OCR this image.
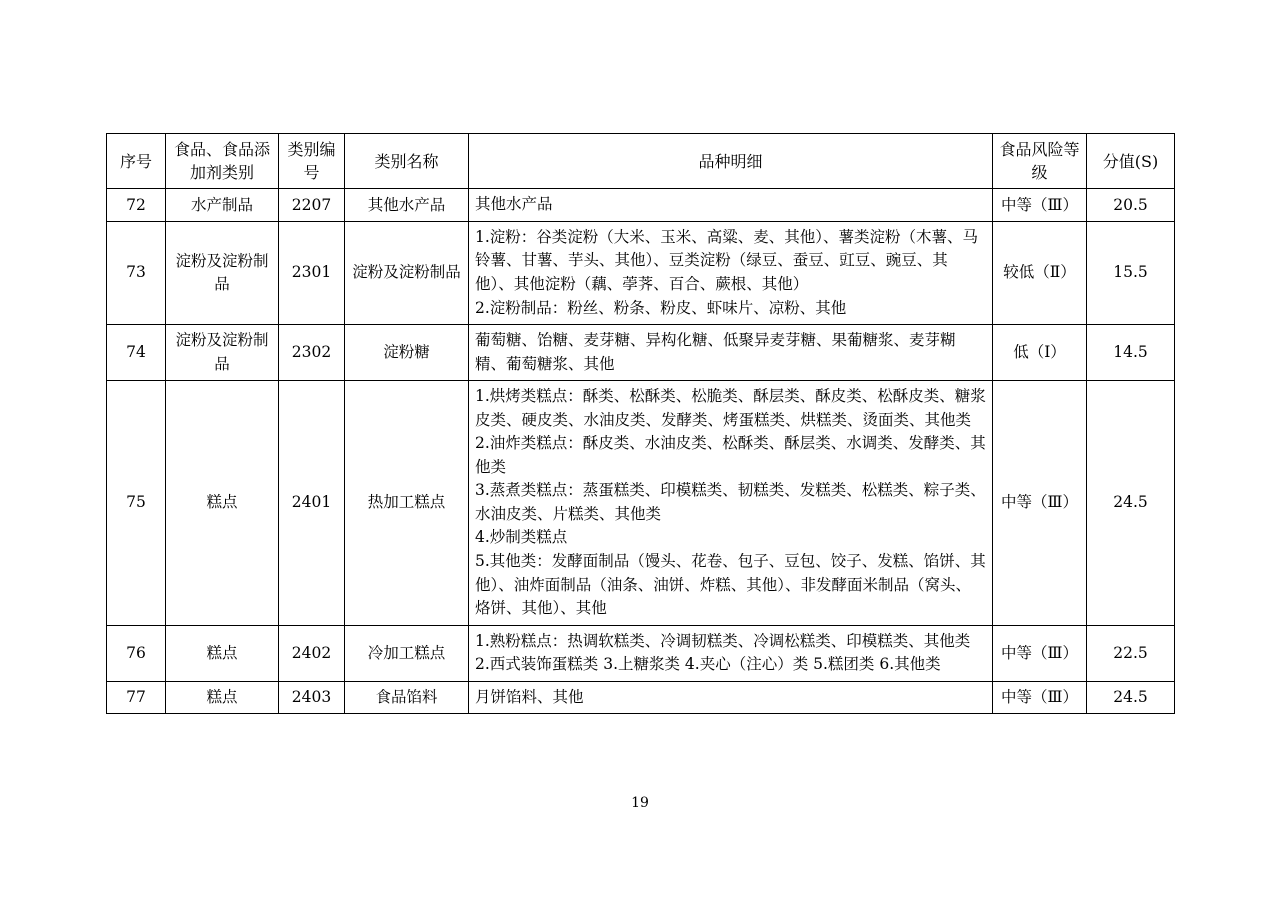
序号	食品、食品添加剂类别	类别编号	类别名称	品种明细	食品风险等级	分值(S)
72	水产制品	2207	其他水产品	其他水产品	中等（Ⅲ）	20.5
73	淀粉及淀粉制品	2301	淀粉及淀粉制品	1.淀粉：谷类淀粉（大米、玉米、高粱、麦、其他）、薯类淀粉（木薯、马铃薯、甘薯、芋头、其他）、豆类淀粉（绿豆、蚕豆、豇豆、豌豆、其他）、其他淀粉（藕、荸荠、百合、蕨根、其他）
2.淀粉制品：粉丝、粉条、粉皮、虾味片、凉粉、其他	较低（Ⅱ）	15.5
74	淀粉及淀粉制品	2302	淀粉糖	葡萄糖、饴糖、麦芽糖、异构化糖、低聚异麦芽糖、果葡糖浆、麦芽糊精、葡萄糖浆、其他	低（Ⅰ）	14.5
75	糕点	2401	热加工糕点	1.烘烤类糕点：酥类、松酥类、松脆类、酥层类、酥皮类、松酥皮类、糖浆皮类、硬皮类、水油皮类、发酵类、烤蛋糕类、烘糕类、烫面类、其他类
2.油炸类糕点：酥皮类、水油皮类、松酥类、酥层类、水调类、发酵类、其他类
3.蒸煮类糕点：蒸蛋糕类、印模糕类、韧糕类、发糕类、松糕类、粽子类、水油皮类、片糕类、其他类
4.炒制类糕点
5.其他类：发酵面制品（馒头、花卷、包子、豆包、饺子、发糕、馅饼、其他）、油炸面制品（油条、油饼、炸糕、其他）、非发酵面米制品（窝头、烙饼、其他）、其他	中等（Ⅲ）	24.5
76	糕点	2402	冷加工糕点	1.熟粉糕点：热调软糕类、冷调韧糕类、冷调松糕类、印模糕类、其他类 2.西式装饰蛋糕类 3.上糖浆类 4.夹心（注心）类 5.糕团类 6.其他类	中等（Ⅲ）	22.5
77	糕点	2403	食品馅料	月饼馅料、其他	中等（Ⅲ）	24.5
19
